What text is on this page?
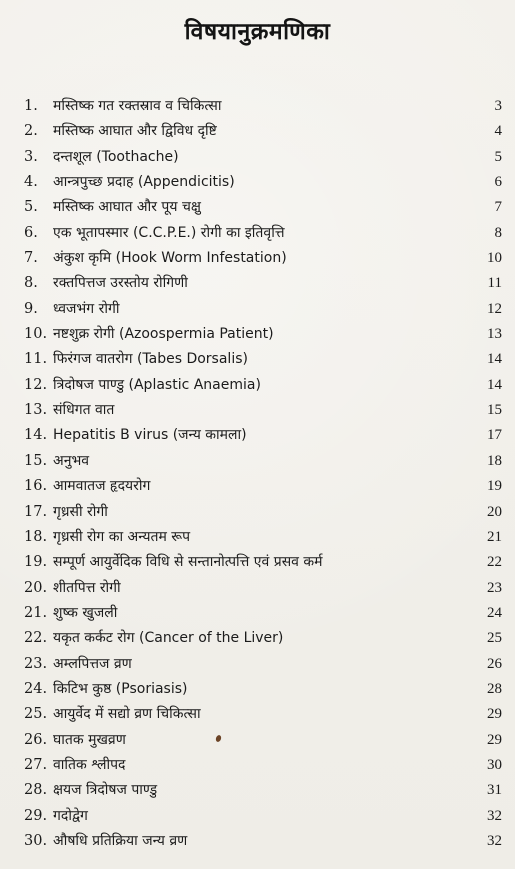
विषयानुक्रमणिका
1. मस्तिष्क गत रक्तस्राव व चिकित्सा	3
2. मस्तिष्क आघात और द्विविध दृष्टि	4
3. दन्तशूल (Toothache)	5
4. आन्त्रपुच्छ प्रदाह (Appendicitis)	6
5. मस्तिष्क आघात और पूय चक्षु	7
6. एक भूतापस्मार (C.C.P.E.) रोगी का इतिवृत्ति	8
7. अंकुश कृमि (Hook Worm Infestation)	10
8. रक्तपित्तज उरस्तोय रोगिणी	11
9. ध्वजभंग रोगी	12
10. नष्टशुक्र रोगी (Azoospermia Patient)	13
11. फिरंगज वातरोग (Tabes Dorsalis)	14
12. त्रिदोषज पाण्डु (Aplastic Anaemia)	14
13. संधिगत वात	15
14. Hepatitis B virus (जन्य कामला)	17
15. अनुभव	18
16. आमवातज हृदयरोग	19
17. गृध्रसी रोगी	20
18. गृध्रसी रोग का अन्यतम रूप	21
19. सम्पूर्ण आयुर्वेदिक विधि से सन्तानोत्पत्ति एवं प्रसव कर्म	22
20. शीतपित्त रोगी	23
21. शुष्क खुजली	24
22. यकृत कर्कट रोग (Cancer of the Liver)	25
23. अम्लपित्तज व्रण	26
24. किटिभ कुष्ठ (Psoriasis)	28
25. आयुर्वेद में सद्यो व्रण चिकित्सा	29
26. घातक मुखव्रण	29
27. वातिक श्लीपद	30
28. क्षयज त्रिदोषज पाण्डु	31
29. गदोद्वेग	32
30. औषधि प्रतिक्रिया जन्य व्रण	32
